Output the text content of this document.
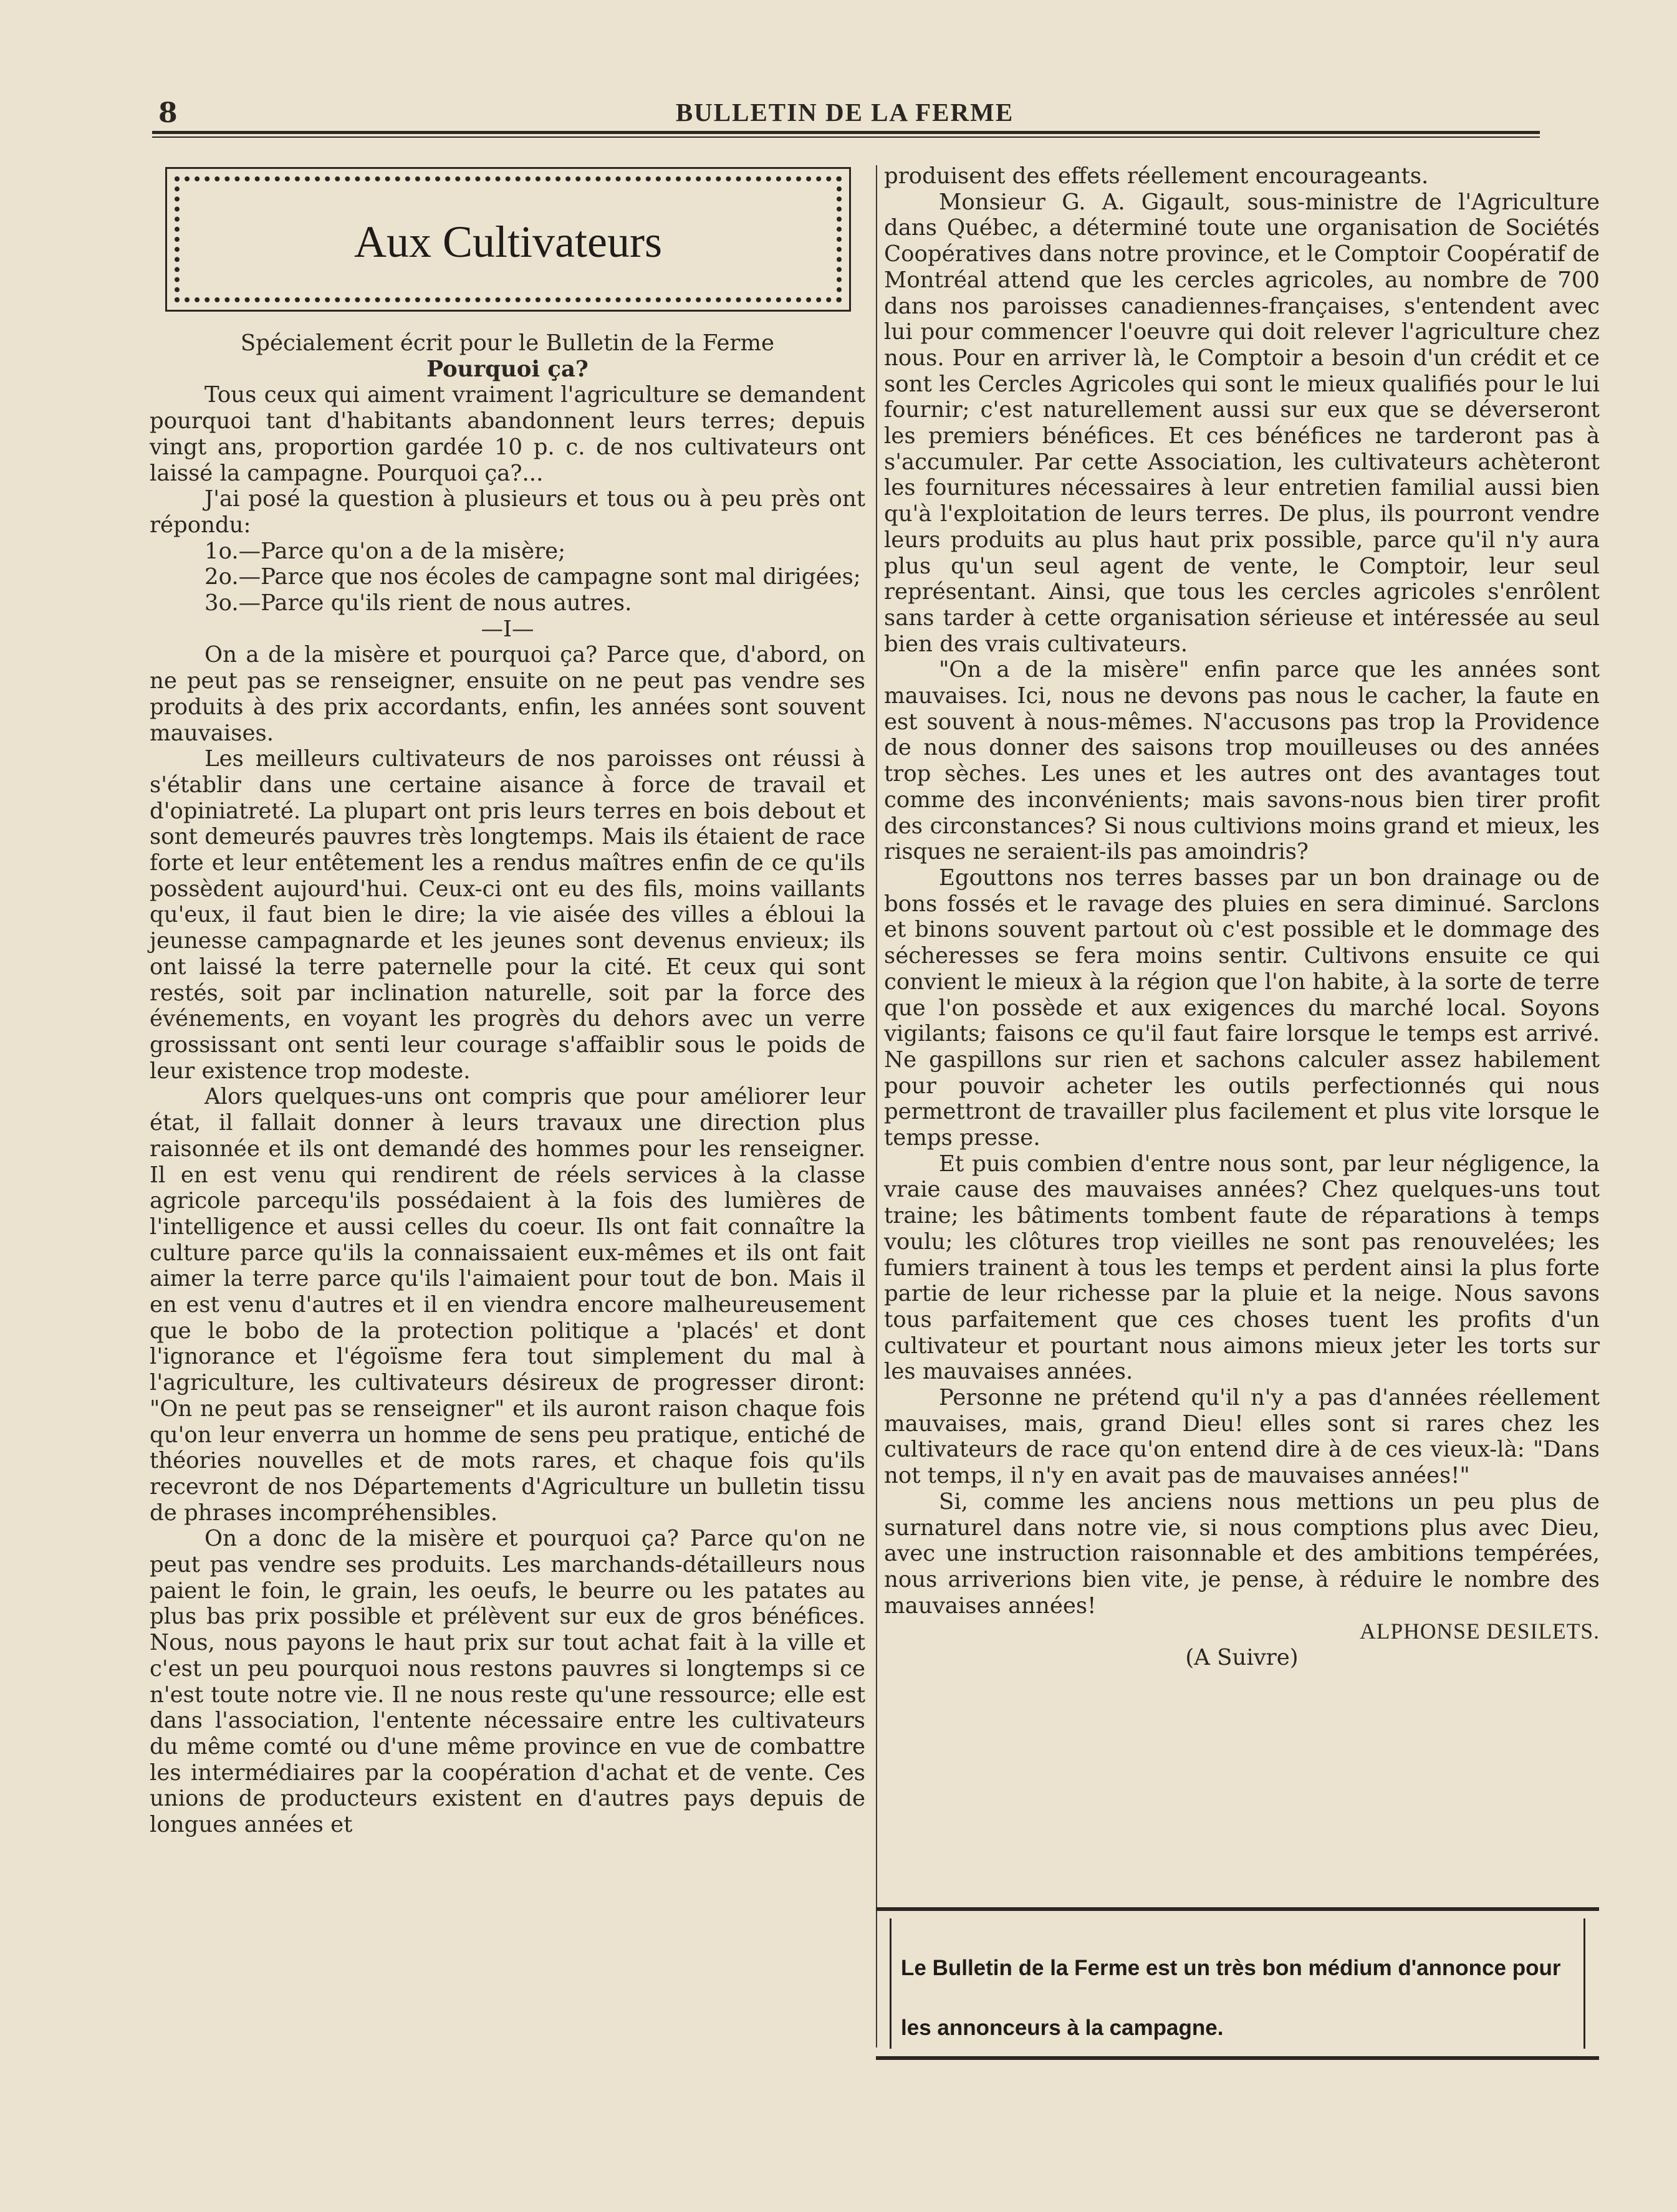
8	BULLETIN DE LA FERME
Aux Cultivateurs

Spécialement écrit pour le Bulletin de la Ferme

Pourquoi ça?

Tous ceux qui aiment vraiment l'agriculture se demandent pourquoi tant d'habitants abandonnent leurs terres; depuis vingt ans, proportion gardée 10 p. c. de nos cultivateurs ont laissé la campagne. Pourquoi ça?...

J'ai posé la question à plusieurs et tous ou à peu près ont répondu:

1o.—Parce qu'on a de la misère;

2o.—Parce que nos écoles de campagne sont mal dirigées;

3o.—Parce qu'ils rient de nous autres.

—I—

On a de la misère et pourquoi ça? Parce que, d'abord, on ne peut pas se renseigner, ensuite on ne peut pas vendre ses produits à des prix accordants, enfin, les années sont souvent mauvaises.

Les meilleurs cultivateurs de nos paroisses ont réussi à s'établir dans une certaine aisance à force de travail et d'opiniatreté. La plupart ont pris leurs terres en bois debout et sont demeurés pauvres très longtemps. Mais ils étaient de race forte et leur entêtement les a rendus maîtres enfin de ce qu'ils possèdent aujourd'hui. Ceux-ci ont eu des fils, moins vaillants qu'eux, il faut bien le dire; la vie aisée des villes a ébloui la jeunesse campagnarde et les jeunes sont devenus envieux; ils ont laissé la terre paternelle pour la cité. Et ceux qui sont restés, soit par inclination naturelle, soit par la force des événements, en voyant les progrès du dehors avec un verre grossissant ont senti leur courage s'affaiblir sous le poids de leur existence trop modeste.

Alors quelques-uns ont compris que pour améliorer leur état, il fallait donner à leurs travaux une direction plus raisonnée et ils ont demandé des hommes pour les renseigner. Il en est venu qui rendirent de réels services à la classe agricole parcequ'ils possédaient à la fois des lumières de l'intelligence et aussi celles du coeur. Ils ont fait connaître la culture parce qu'ils la connaissaient eux-mêmes et ils ont fait aimer la terre parce qu'ils l'aimaient pour tout de bon. Mais il en est venu d'autres et il en viendra encore malheureusement que le bobo de la protection politique a 'placés' et dont l'ignorance et l'égoïsme fera tout simplement du mal à l'agriculture, les cultivateurs désireux de progresser diront: "On ne peut pas se renseigner" et ils auront raison chaque fois qu'on leur enverra un homme de sens peu pratique, entiché de théories nouvelles et de mots rares, et chaque fois qu'ils recevront de nos Départements d'Agriculture un bulletin tissu de phrases incompréhensibles.

On a donc de la misère et pourquoi ça? Parce qu'on ne peut pas vendre ses produits. Les marchands-détailleurs nous paient le foin, le grain, les oeufs, le beurre ou les patates au plus bas prix possible et prélèvent sur eux de gros bénéfices. Nous, nous payons le haut prix sur tout achat fait à la ville et c'est un peu pourquoi nous restons pauvres si longtemps si ce n'est toute notre vie. Il ne nous reste qu'une ressource; elle est dans l'association, l'entente nécessaire entre les cultivateurs du même comté ou d'une même province en vue de combattre les intermédiaires par la coopération d'achat et de vente. Ces unions de producteurs existent en d'autres pays depuis de longues années et

produisent des effets réellement encourageants.

Monsieur G. A. Gigault, sous-ministre de l'Agriculture dans Québec, a déterminé toute une organisation de Sociétés Coopératives dans notre province, et le Comptoir Coopératif de Montréal attend que les cercles agricoles, au nombre de 700 dans nos paroisses canadiennes-françaises, s'entendent avec lui pour commencer l'oeuvre qui doit relever l'agriculture chez nous. Pour en arriver là, le Comptoir a besoin d'un crédit et ce sont les Cercles Agricoles qui sont le mieux qualifiés pour le lui fournir; c'est naturellement aussi sur eux que se déverseront les premiers bénéfices. Et ces bénéfices ne tarderont pas à s'accumuler. Par cette Association, les cultivateurs achèteront les fournitures nécessaires à leur entretien familial aussi bien qu'à l'exploitation de leurs terres. De plus, ils pourront vendre leurs produits au plus haut prix possible, parce qu'il n'y aura plus qu'un seul agent de vente, le Comptoir, leur seul représentant. Ainsi, que tous les cercles agricoles s'enrôlent sans tarder à cette organisation sérieuse et intéressée au seul bien des vrais cultivateurs.

"On a de la misère" enfin parce que les années sont mauvaises. Ici, nous ne devons pas nous le cacher, la faute en est souvent à nous-mêmes. N'accusons pas trop la Providence de nous donner des saisons trop mouilleuses ou des années trop sèches. Les unes et les autres ont des avantages tout comme des inconvénients; mais savons-nous bien tirer profit des circonstances? Si nous cultivions moins grand et mieux, les risques ne seraient-ils pas amoindris?

Egouttons nos terres basses par un bon drainage ou de bons fossés et le ravage des pluies en sera diminué. Sarclons et binons souvent partout où c'est possible et le dommage des sécheresses se fera moins sentir. Cultivons ensuite ce qui convient le mieux à la région que l'on habite, à la sorte de terre que l'on possède et aux exigences du marché local. Soyons vigilants; faisons ce qu'il faut faire lorsque le temps est arrivé. Ne gaspillons sur rien et sachons calculer assez habilement pour pouvoir acheter les outils perfectionnés qui nous permettront de travailler plus facilement et plus vite lorsque le temps presse.

Et puis combien d'entre nous sont, par leur négligence, la vraie cause des mauvaises années? Chez quelques-uns tout traine; les bâtiments tombent faute de réparations à temps voulu; les clôtures trop vieilles ne sont pas renouvelées; les fumiers trainent à tous les temps et perdent ainsi la plus forte partie de leur richesse par la pluie et la neige. Nous savons tous parfaitement que ces choses tuent les profits d'un cultivateur et pourtant nous aimons mieux jeter les torts sur les mauvaises années.

Personne ne prétend qu'il n'y a pas d'années réellement mauvaises, mais, grand Dieu! elles sont si rares chez les cultivateurs de race qu'on entend dire à de ces vieux-là: "Dans not temps, il n'y en avait pas de mauvaises années!"

Si, comme les anciens nous mettions un peu plus de surnaturel dans notre vie, si nous comptions plus avec Dieu, avec une instruction raisonnable et des ambitions tempérées, nous arriverions bien vite, je pense, à réduire le nombre des mauvaises années!

ALPHONSE DESILETS.

(A Suivre)

Le Bulletin de la Ferme est un très bon médium d'annonce pour les annonceurs à la campagne.
